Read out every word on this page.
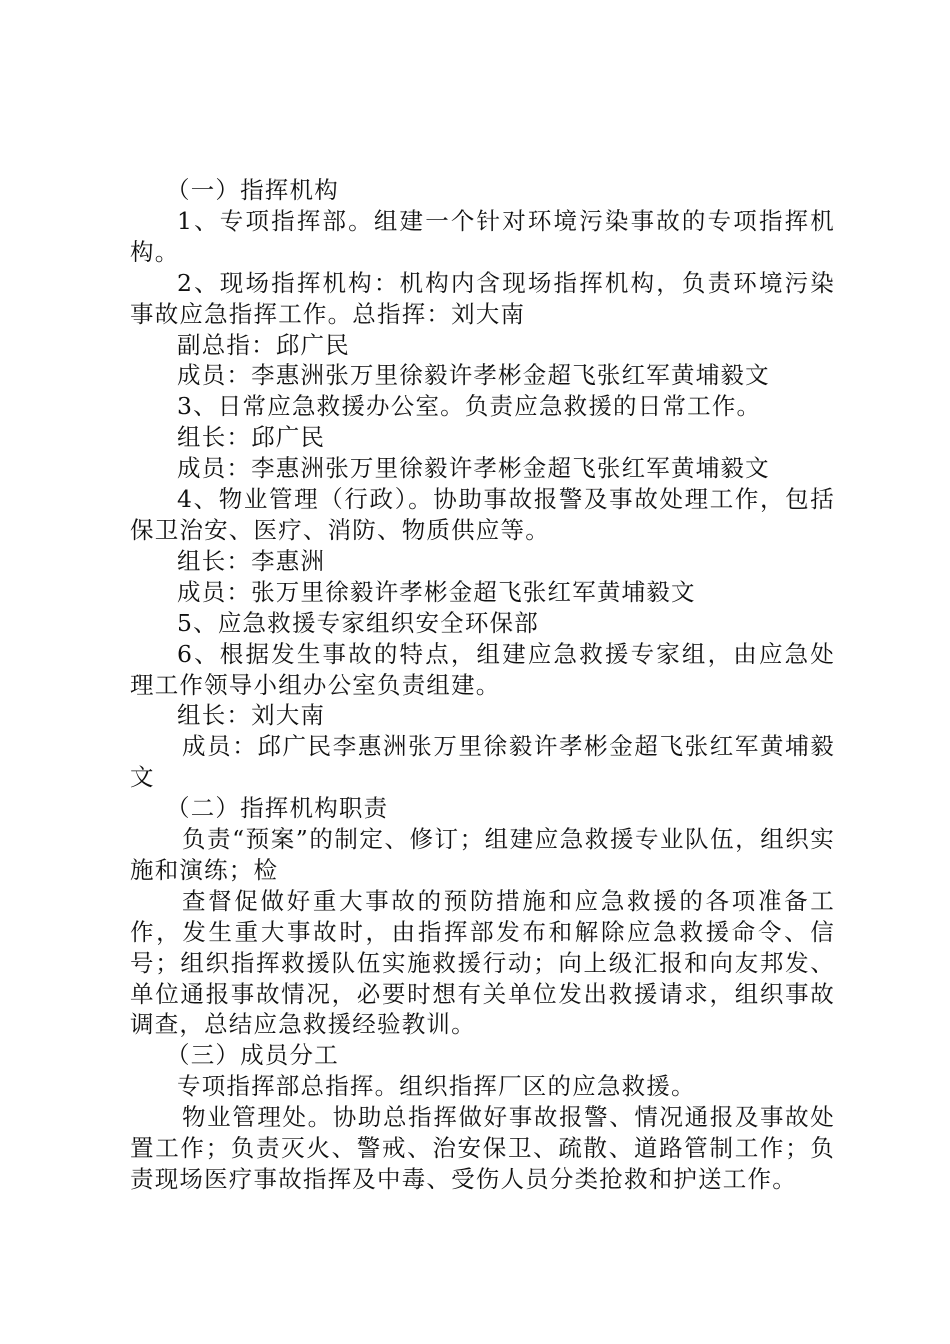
（一）指挥机构

1、专项指挥部。组建一个针对环境污染事故的专项指挥机构。

2、现场指挥机构：机构内含现场指挥机构，负责环境污染事故应急指挥工作。总指挥：刘大南

副总指：邱广民

成员：李惠洲张万里徐毅许孝彬金超飞张红军黄埔毅文

3、日常应急救援办公室。负责应急救援的日常工作。

组长：邱广民

成员：李惠洲张万里徐毅许孝彬金超飞张红军黄埔毅文

4、物业管理（行政）。协助事故报警及事故处理工作，包括保卫治安、医疗、消防、物质供应等。

组长：李惠洲

成员：张万里徐毅许孝彬金超飞张红军黄埔毅文

5、应急救援专家组织安全环保部

6、根据发生事故的特点，组建应急救援专家组，由应急处理工作领导小组办公室负责组建。

组长：刘大南

成员：邱广民李惠洲张万里徐毅许孝彬金超飞张红军黄埔毅文

（二）指挥机构职责

负责“预案”的制定、修订；组建应急救援专业队伍，组织实施和演练；检

查督促做好重大事故的预防措施和应急救援的各项准备工作，发生重大事故时，由指挥部发布和解除应急救援命令、信号；组织指挥救援队伍实施救援行动；向上级汇报和向友邦发、单位通报事故情况，必要时想有关单位发出救援请求，组织事故调查，总结应急救援经验教训。

（三）成员分工

专项指挥部总指挥。组织指挥厂区的应急救援。

物业管理处。协助总指挥做好事故报警、情况通报及事故处置工作；负责灭火、警戒、治安保卫、疏散、道路管制工作；负责现场医疗事故指挥及中毒、受伤人员分类抢救和护送工作。
